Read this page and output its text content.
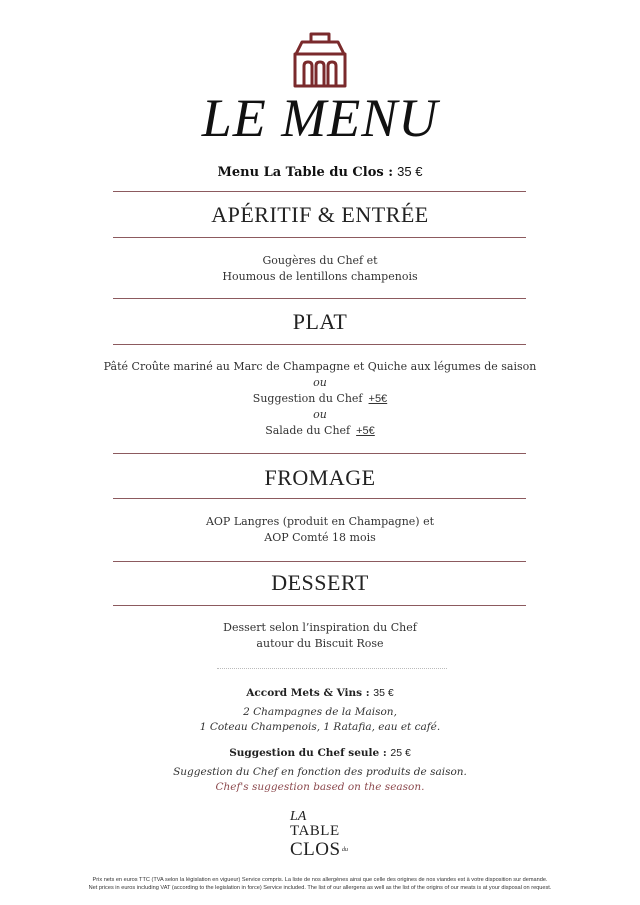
LE MENU
Menu La Table du Clos : 35 €
APÉRITIF & ENTRÉE
Gougères du Chef et
Houmous de lentillons champenois
PLAT
Pâté Croûte mariné au Marc de Champagne et Quiche aux légumes de saison
ou
Suggestion du Chef +5€
ou
Salade du Chef +5€
FROMAGE
AOP Langres (produit en Champagne) et
AOP Comté 18 mois
DESSERT
Dessert selon l’inspiration du Chef
autour du Biscuit Rose
Accord Mets & Vins : 35 €
2 Champagnes de la Maison,
1 Coteau Champenois, 1 Ratafia, eau et café.
Suggestion du Chef seule : 25 €
Suggestion du Chef en fonction des produits de saison.
Chef's suggestion based on the season.
LA
TABLE
du
CLOS
Prix nets en euros TTC (TVA selon la législation en vigueur) Service compris. La liste de nos allergènes ainsi que celle des origines de nos viandes est à votre disposition sur demande.
Net prices in euros including VAT (according to the legislation in force) Service included. The list of our allergens as well as the list of the origins of our meats is at your disposal on request.
